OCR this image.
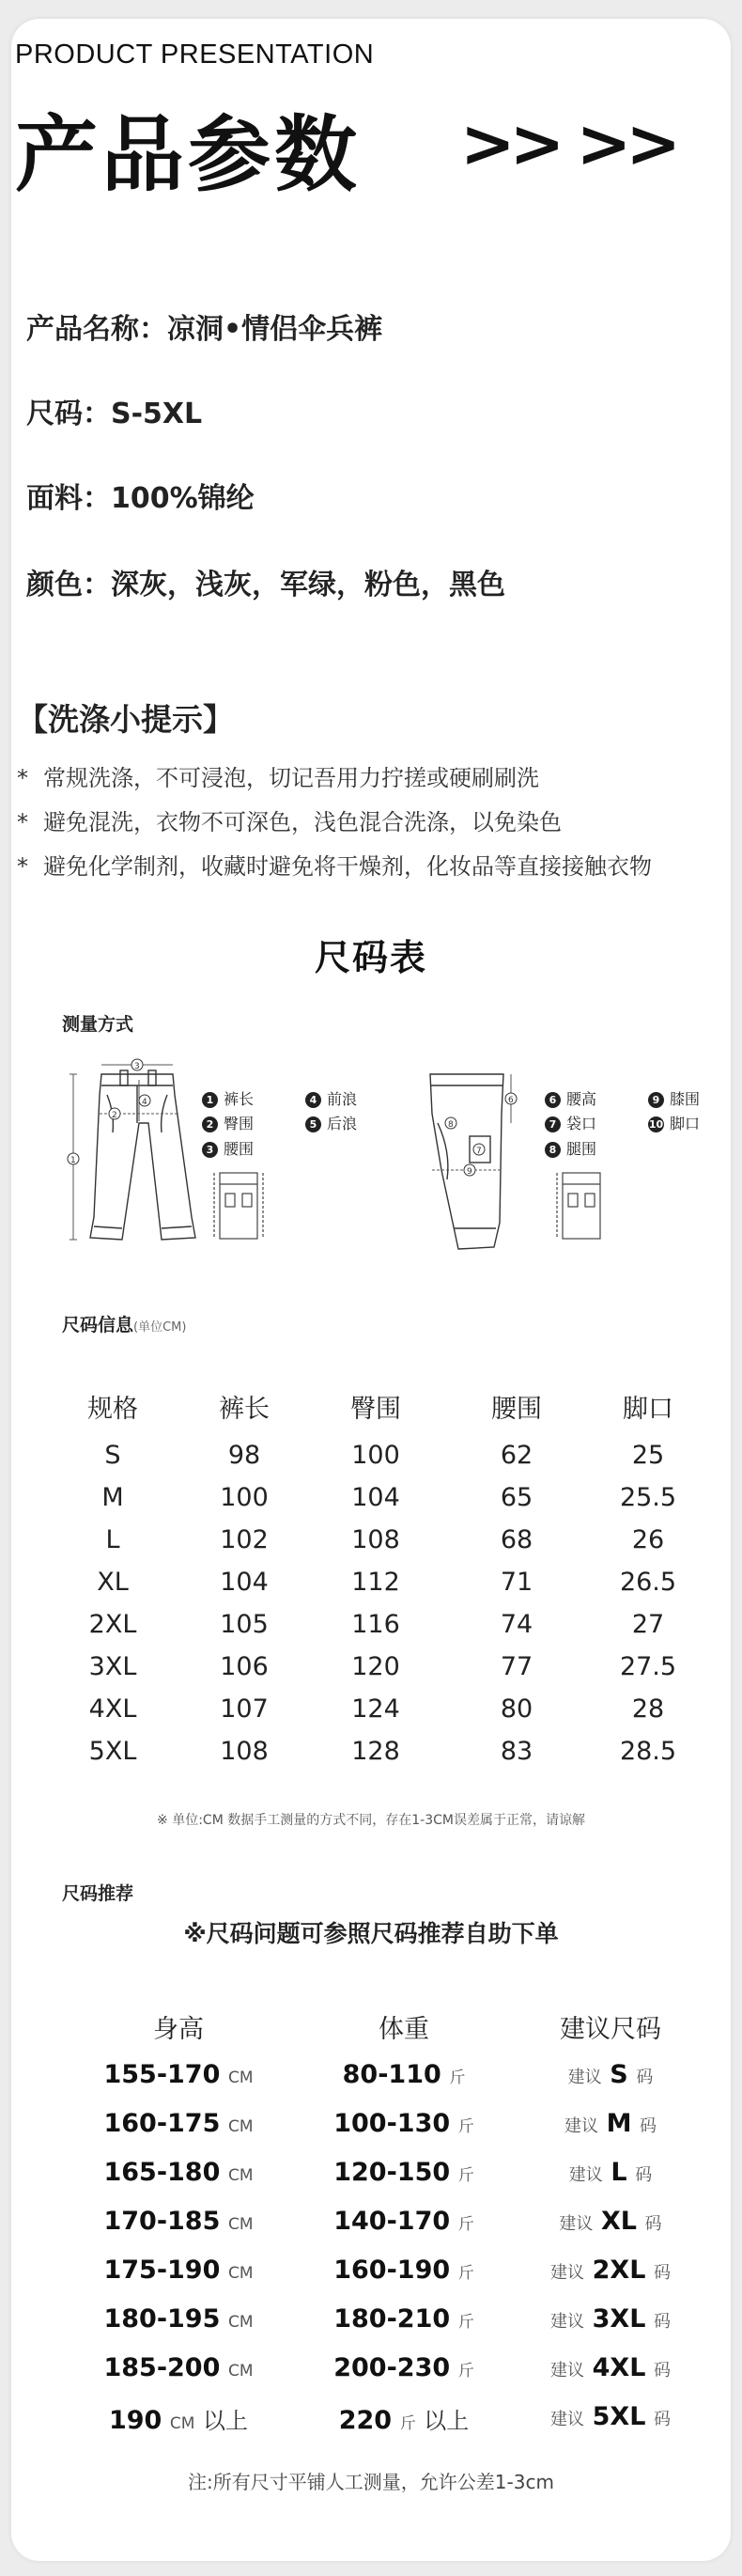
PRODUCT PRESENTATION
产品参数 >> >>
产品名称：凉洞•情侣伞兵裤
尺码：S-5XL
面料：100%锦纶
颜色：深灰，浅灰，军绿，粉色，黑色
【洗涤小提示】
* 常规洗涤，不可浸泡，切记吾用力拧搓或硬刷刷洗
* 避免混洗，衣物不可深色，浅色混合洗涤，以免染色
* 避免化学制剂，收藏时避免将干燥剂，化妆品等直接接触衣物
尺码表
测量方式
1
3
2
4	1 裤长	4 前浪
2 臀围	5 后浪
3 腰围
6
7
8
9
6 腰高	9 膝围
7 袋口	10 脚口
8 腿围
尺码信息(单位CM)
规格	裤长	臀围	腰围	脚口
S	98	100	62	25
M	100	104	65	25.5
L	102	108	68	26
XL	104	112	71	26.5
2XL	105	116	74	27
3XL	106	120	77	27.5
4XL	107	124	80	28
5XL	108	128	83	28.5
※ 单位:CM 数据手工测量的方式不同，存在1-3CM误差属于正常，请谅解
尺码推荐
※尺码问题可参照尺码推荐自助下单
身高	体重	建议尺码
155-170 CM	80-110 斤	建议 S 码
160-175 CM	100-130 斤	建议 M 码
165-180 CM	120-150 斤	建议 L 码
170-185 CM	140-170 斤	建议 XL 码
175-190 CM	160-190 斤	建议 2XL 码
180-195 CM	180-210 斤	建议 3XL 码
185-200 CM	200-230 斤	建议 4XL 码
190 CM 以上	220 斤 以上	建议 5XL 码
注:所有尺寸平铺人工测量，允许公差1-3cm
